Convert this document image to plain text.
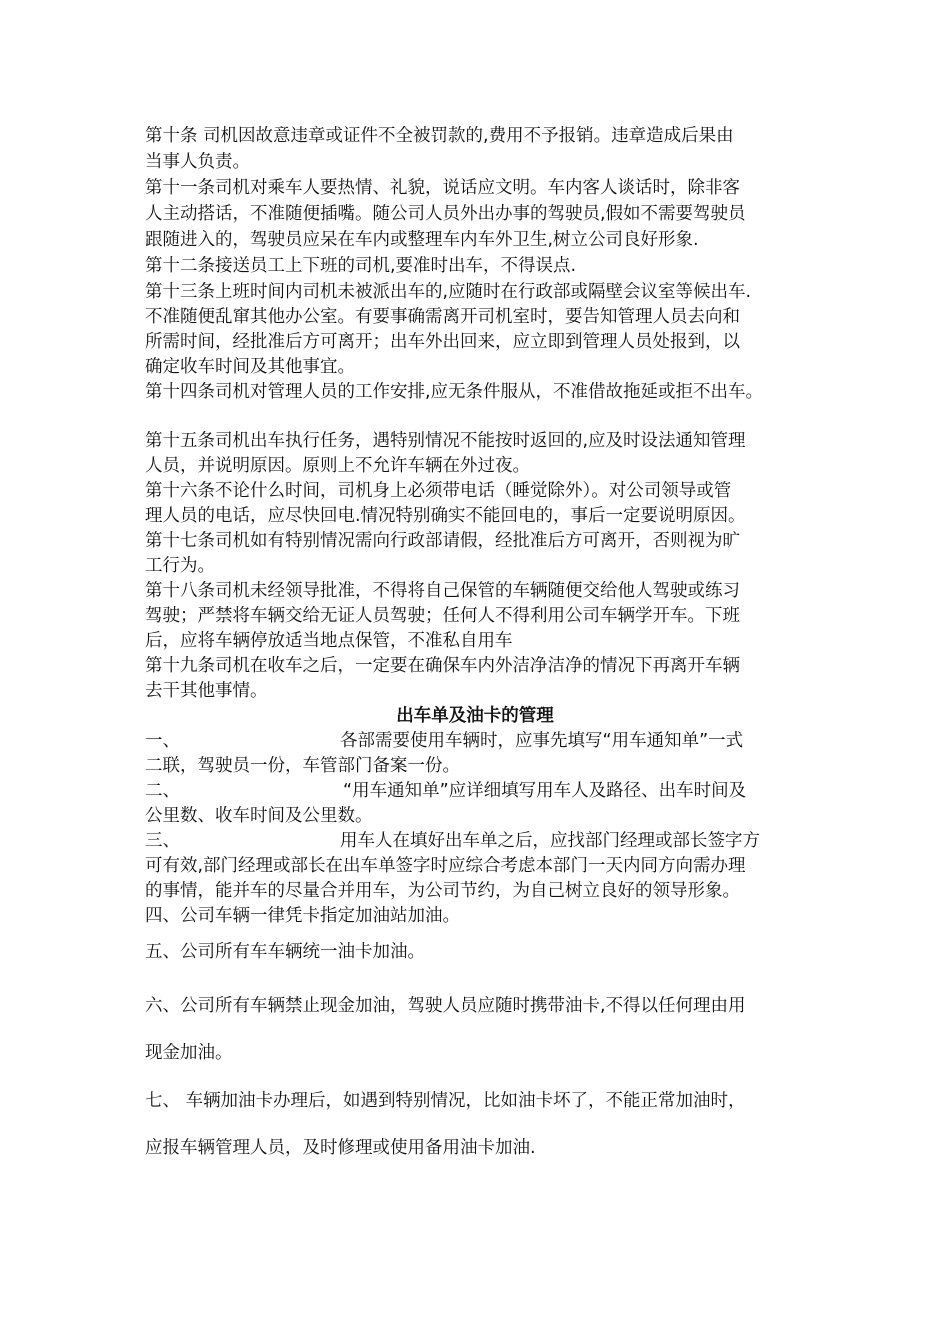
第十条 司机因故意违章或证件不全被罚款的,费用不予报销。违章造成后果由
当事人负责。
第十一条司机对乘车人要热情、礼貌，说话应文明。车内客人谈话时，除非客
人主动搭话，不准随便插嘴。随公司人员外出办事的驾驶员,假如不需要驾驶员
跟随进入的，驾驶员应呆在车内或整理车内车外卫生,树立公司良好形象.
第十二条接送员工上下班的司机,要准时出车，不得误点.
第十三条上班时间内司机未被派出车的,应随时在行政部或隔壁会议室等候出车.
不准随便乱窜其他办公室。有要事确需离开司机室时，要告知管理人员去向和
所需时间，经批准后方可离开；出车外出回来，应立即到管理人员处报到，以
确定收车时间及其他事宜。
第十四条司机对管理人员的工作安排,应无条件服从，不准借故拖延或拒不出车。
第十五条司机出车执行任务，遇特别情况不能按时返回的,应及时设法通知管理
人员，并说明原因。原则上不允许车辆在外过夜。
第十六条不论什么时间，司机身上必须带电话（睡觉除外）。对公司领导或管
理人员的电话，应尽快回电.情况特别确实不能回电的，事后一定要说明原因。
第十七条司机如有特别情况需向行政部请假，经批准后方可离开，否则视为旷
工行为。
第十八条司机未经领导批准，不得将自己保管的车辆随便交给他人驾驶或练习
驾驶；严禁将车辆交给无证人员驾驶；任何人不得利用公司车辆学开车。下班
后，应将车辆停放适当地点保管，不准私自用车
第十九条司机在收车之后，一定要在确保车内外洁净洁净的情况下再离开车辆
去干其他事情。
出车单及油卡的管理
一、	各部需要使用车辆时，应事先填写“用车通知单”一式
二联，驾驶员一份，车管部门备案一份。
二、	“用车通知单”应详细填写用车人及路径、出车时间及
公里数、收车时间及公里数。
三、	用车人在填好出车单之后，应找部门经理或部长签字方
可有效,部门经理或部长在出车单签字时应综合考虑本部门一天内同方向需办理
的事情，能并车的尽量合并用车，为公司节约，为自己树立良好的领导形象。
四、公司车辆一律凭卡指定加油站加油。
五、公司所有车车辆统一油卡加油。
六、公司所有车辆禁止现金加油，驾驶人员应随时携带油卡,不得以任何理由用
现金加油。
七、 车辆加油卡办理后，如遇到特别情况，比如油卡坏了，不能正常加油时，
应报车辆管理人员，及时修理或使用备用油卡加油.
